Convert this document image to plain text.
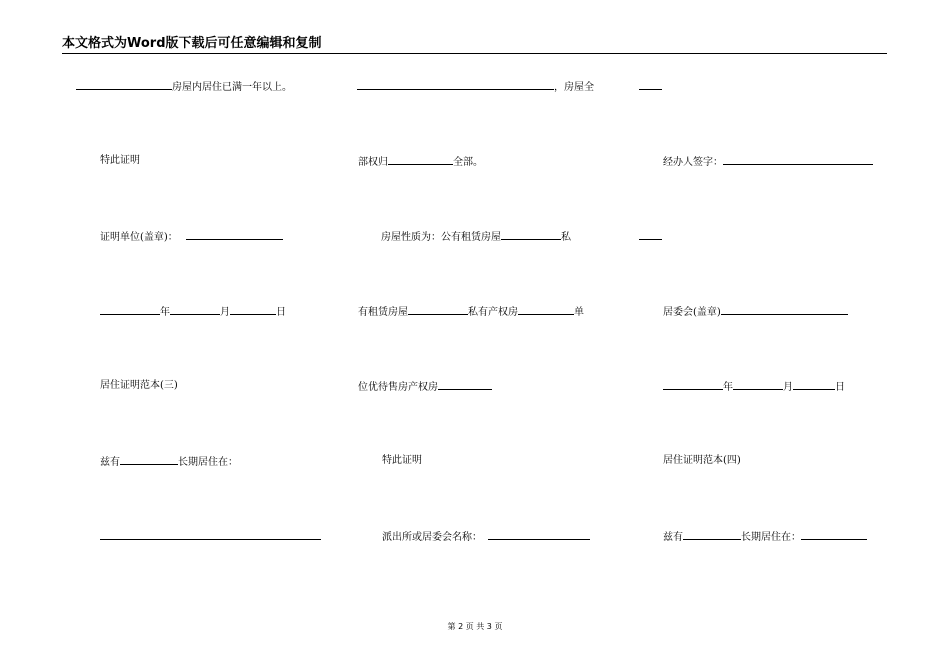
本文格式为Word版下载后可任意编辑和复制
房屋内居住已满一年以上。
特此证明
证明单位(盖章)：
年	月	日
居住证明范本(三)
兹有	长期居住在：
，房屋全
部权归	全部。
房屋性质为：公有租赁房屋	私
有租赁房屋	私有产权房	单
位优待售房产权房
特此证明
派出所或居委会名称：
经办人签字：
居委会(盖章)
年	月	日
居住证明范本(四)
兹有	长期居住在：
第 2 页 共 3 页
